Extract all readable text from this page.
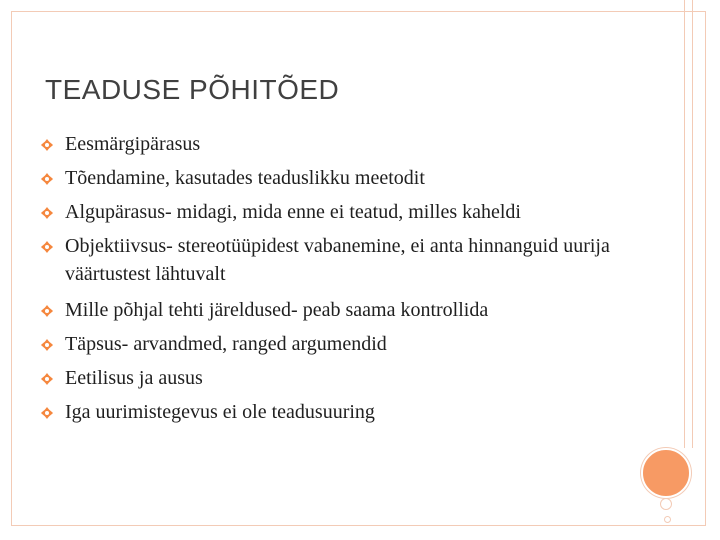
TEADUSE PÕHITÕED
Eesmärgipärasus
Tõendamine, kasutades teaduslikku meetodit
Algupärasus- midagi, mida enne ei teatud, milles kaheldi
Objektiivsus- stereotüüpidest vabanemine, ei anta hinnanguid uurija väärtustest lähtuvalt
Mille põhjal tehti järeldused- peab saama kontrollida
Täpsus- arvandmed, ranged argumendid
Eetilisus ja ausus
Iga uurimistegevus ei ole teadusuuring
